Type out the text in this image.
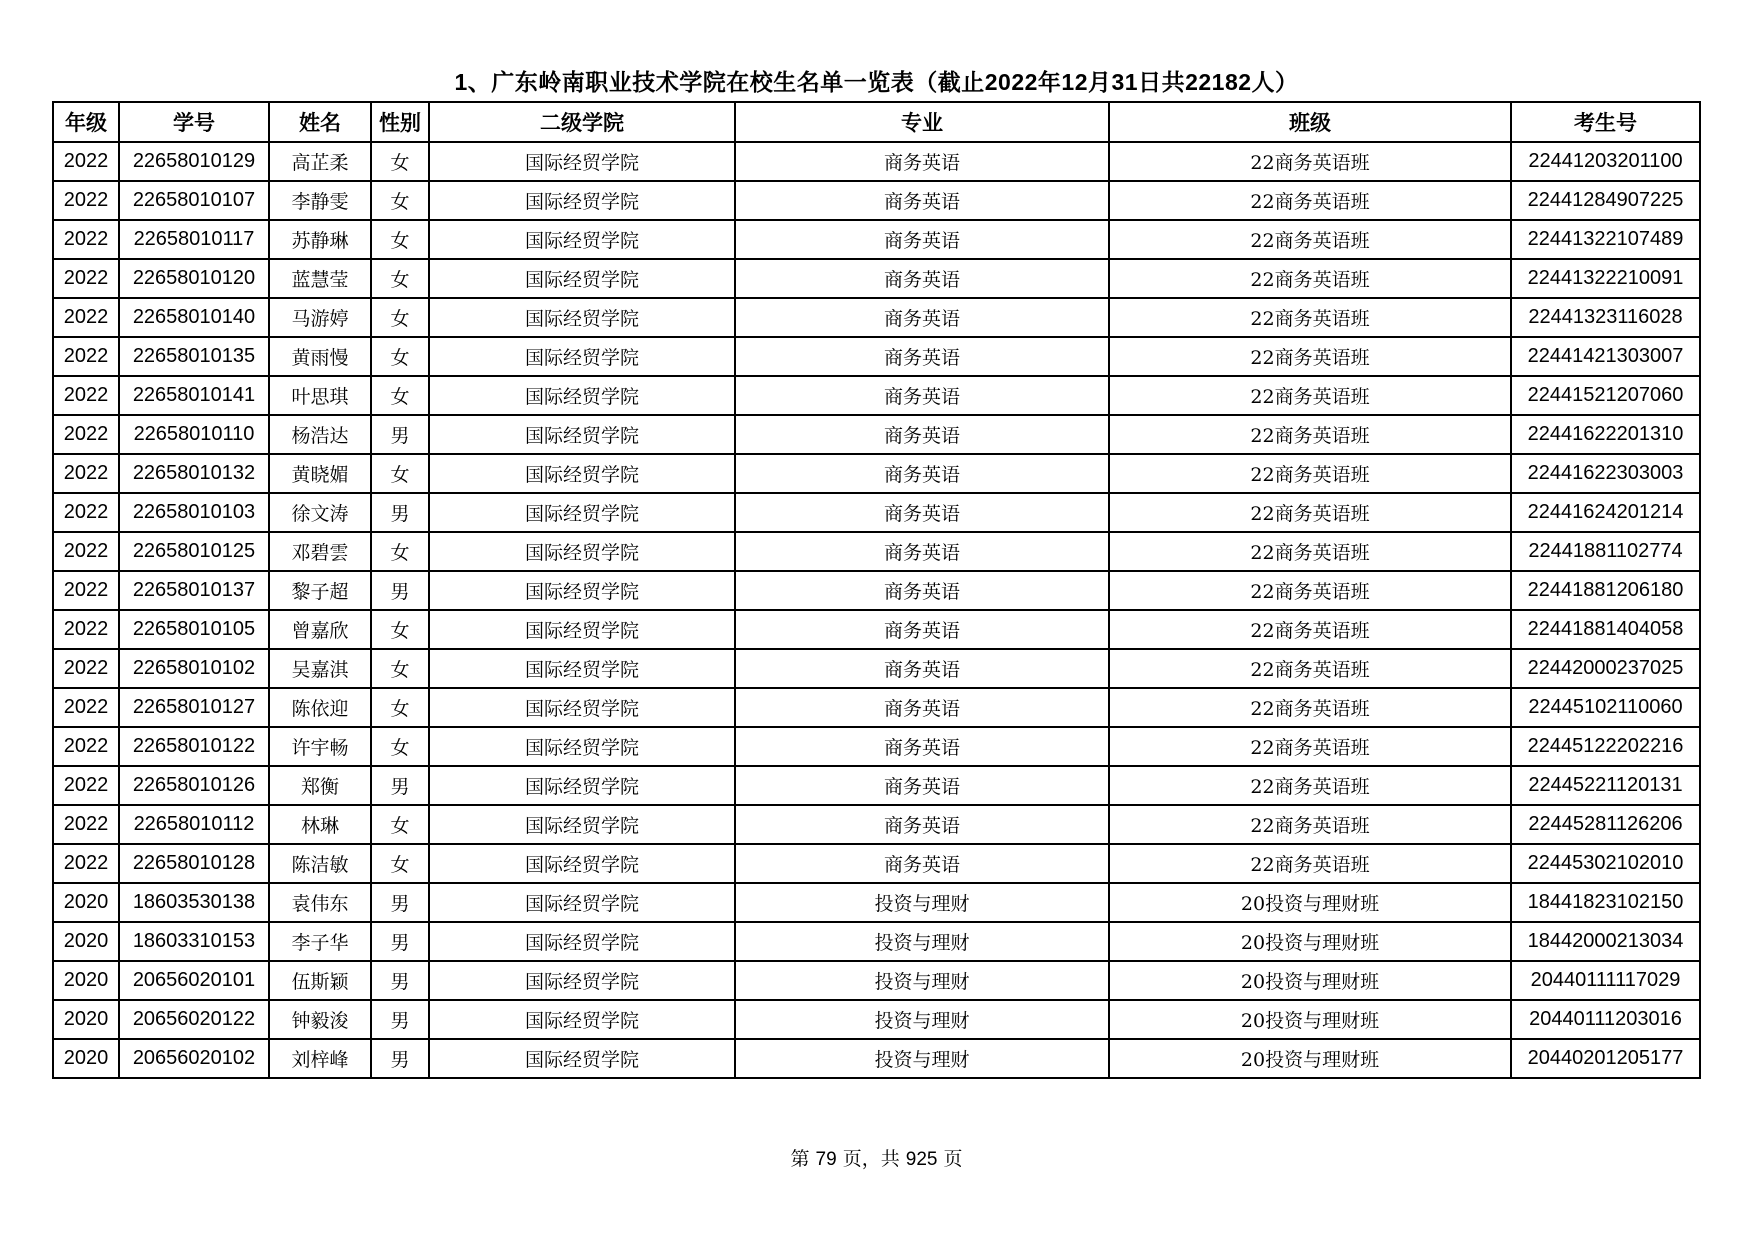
1、广东岭南职业技术学院在校生名单一览表（截止2022年12月31日共22182人）
年级	学号	姓名	性别	二级学院	专业	班级	考生号
2022	22658010129	高芷柔	女	国际经贸学院	商务英语	22商务英语班	22441203201100
2022	22658010107	李静雯	女	国际经贸学院	商务英语	22商务英语班	22441284907225
2022	22658010117	苏静琳	女	国际经贸学院	商务英语	22商务英语班	22441322107489
2022	22658010120	蓝慧莹	女	国际经贸学院	商务英语	22商务英语班	22441322210091
2022	22658010140	马游婷	女	国际经贸学院	商务英语	22商务英语班	22441323116028
2022	22658010135	黄雨慢	女	国际经贸学院	商务英语	22商务英语班	22441421303007
2022	22658010141	叶思琪	女	国际经贸学院	商务英语	22商务英语班	22441521207060
2022	22658010110	杨浩达	男	国际经贸学院	商务英语	22商务英语班	22441622201310
2022	22658010132	黄晓媚	女	国际经贸学院	商务英语	22商务英语班	22441622303003
2022	22658010103	徐文涛	男	国际经贸学院	商务英语	22商务英语班	22441624201214
2022	22658010125	邓碧雲	女	国际经贸学院	商务英语	22商务英语班	22441881102774
2022	22658010137	黎子超	男	国际经贸学院	商务英语	22商务英语班	22441881206180
2022	22658010105	曾嘉欣	女	国际经贸学院	商务英语	22商务英语班	22441881404058
2022	22658010102	吴嘉淇	女	国际经贸学院	商务英语	22商务英语班	22442000237025
2022	22658010127	陈依迎	女	国际经贸学院	商务英语	22商务英语班	22445102110060
2022	22658010122	许宇畅	女	国际经贸学院	商务英语	22商务英语班	22445122202216
2022	22658010126	郑衡	男	国际经贸学院	商务英语	22商务英语班	22445221120131
2022	22658010112	林琳	女	国际经贸学院	商务英语	22商务英语班	22445281126206
2022	22658010128	陈洁敏	女	国际经贸学院	商务英语	22商务英语班	22445302102010
2020	18603530138	袁伟东	男	国际经贸学院	投资与理财	20投资与理财班	18441823102150
2020	18603310153	李子华	男	国际经贸学院	投资与理财	20投资与理财班	18442000213034
2020	20656020101	伍斯颖	男	国际经贸学院	投资与理财	20投资与理财班	20440111117029
2020	20656020122	钟毅浚	男	国际经贸学院	投资与理财	20投资与理财班	20440111203016
2020	20656020102	刘梓峰	男	国际经贸学院	投资与理财	20投资与理财班	20440201205177
第 79 页，共 925 页
